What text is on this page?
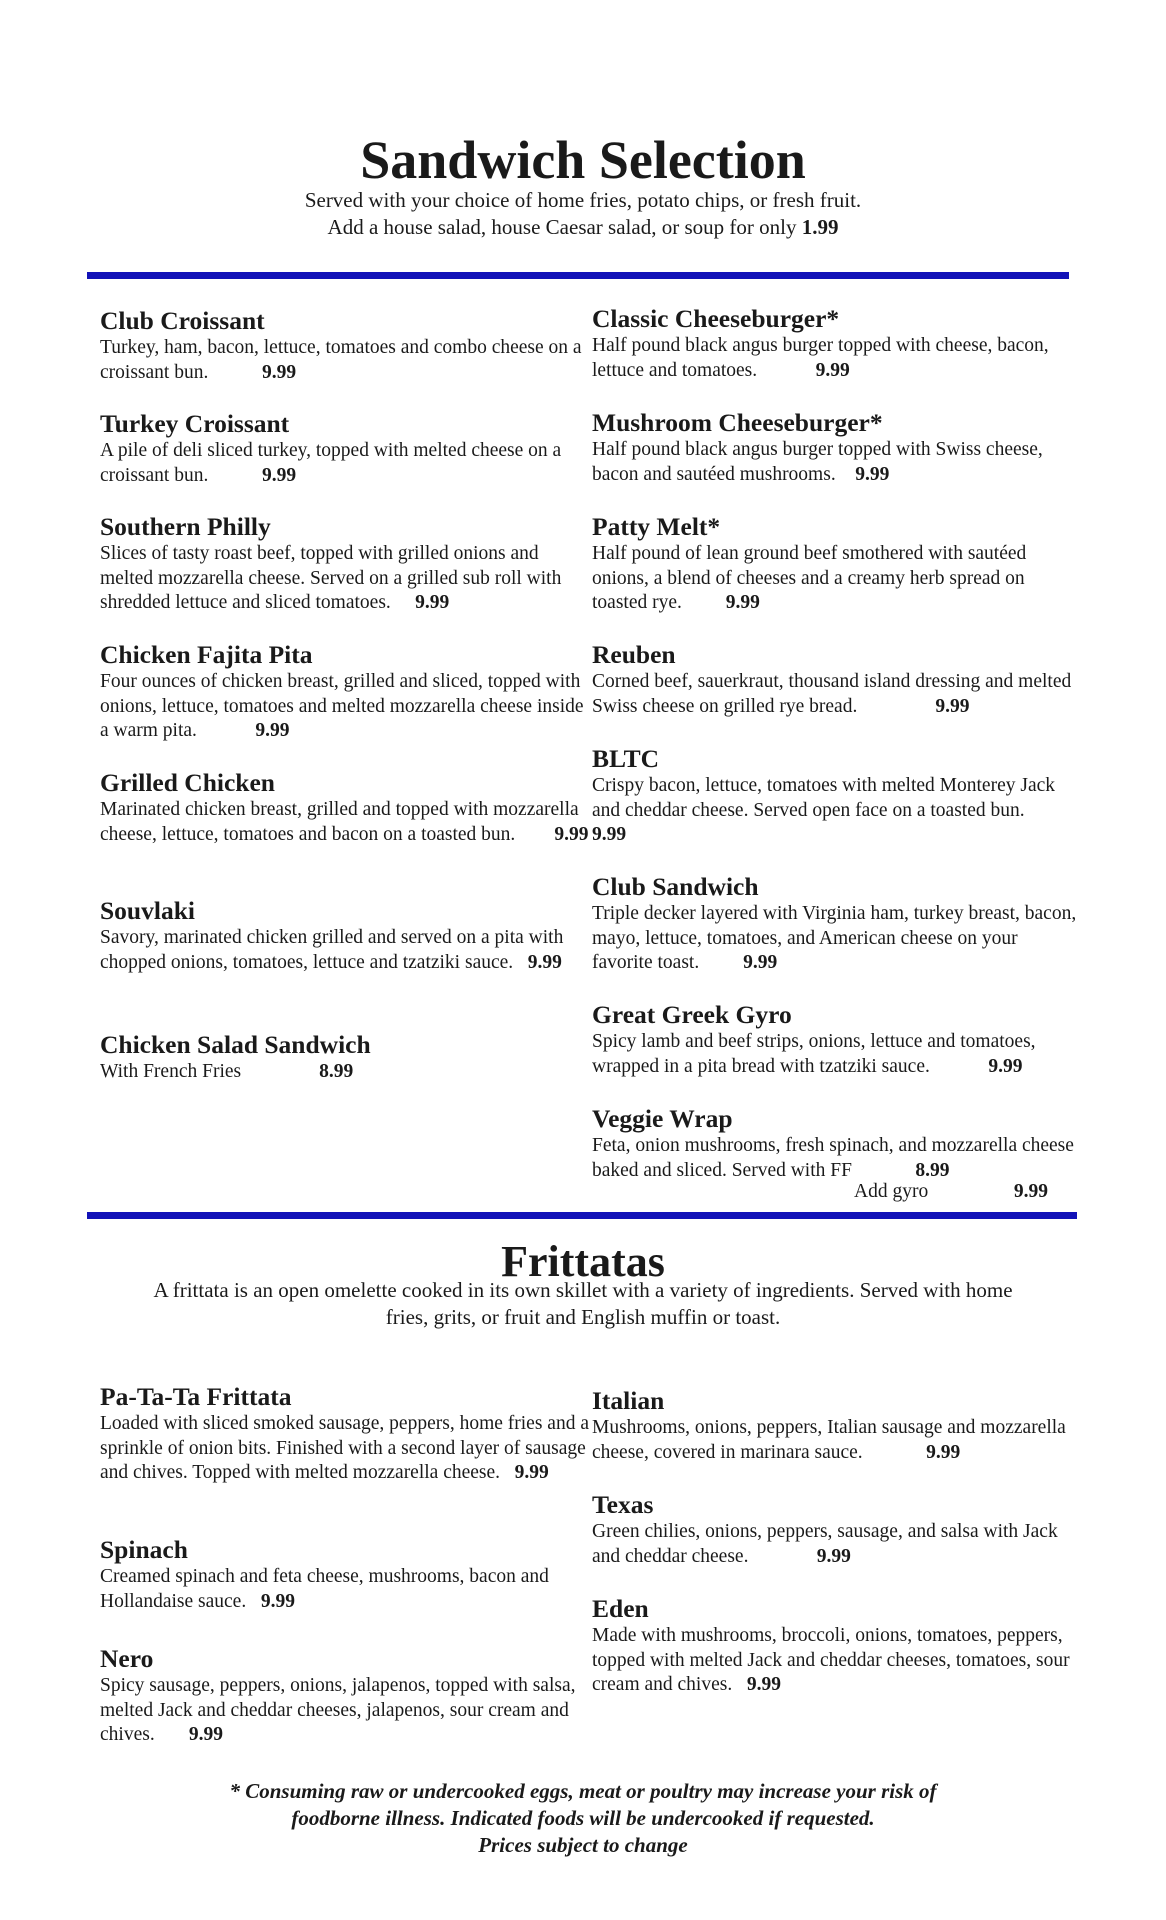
Sandwich Selection

Served with your choice of home fries, potato chips, or fresh fruit.

Add a house salad, house Caesar salad, or soup for only 1.99

Club Croissant

Turkey, ham, bacon, lettuce, tomatoes and combo cheese on a croissant bun.	9.99

Turkey Croissant

A pile of deli sliced turkey, topped with melted cheese on a croissant bun.	9.99

Southern Philly

Slices of tasty roast beef, topped with grilled onions and melted mozzarella cheese. Served on a grilled sub roll with shredded lettuce and sliced tomatoes. 9.99

Chicken Fajita Pita

Four ounces of chicken breast, grilled and sliced, topped with onions, lettuce, tomatoes and melted mozzarella cheese inside a warm pita.	9.99

Grilled Chicken

Marinated chicken breast, grilled and topped with mozzarella cheese, lettuce, tomatoes and bacon on a toasted bun. 9.99

Souvlaki

Savory, marinated chicken grilled and served on a pita with chopped onions, tomatoes, lettuce and tzatziki sauce. 9.99

Chicken Salad Sandwich

With French Fries	8.99

Classic Cheeseburger*

Half pound black angus burger topped with cheese, bacon, lettuce and tomatoes.	9.99

Mushroom Cheeseburger*

Half pound black angus burger topped with Swiss cheese, bacon and sautéed mushrooms. 9.99

Patty Melt*

Half pound of lean ground beef smothered with sautéed onions, a blend of cheeses and a creamy herb spread on toasted rye. 9.99

Reuben

Corned beef, sauerkraut, thousand island dressing and melted Swiss cheese on grilled rye bread.	9.99

BLTC

Crispy bacon, lettuce, tomatoes with melted Monterey Jack and cheddar cheese. Served open face on a toasted bun.       9.99

Club Sandwich

Triple decker layered with Virginia ham, turkey breast, bacon, mayo, lettuce, tomatoes, and American cheese on your favorite toast. 9.99

Great Greek Gyro

Spicy lamb and beef strips, onions, lettuce and tomatoes, wrapped in a pita bread with tzatziki sauce.	9.99

Veggie Wrap

Feta, onion mushrooms, fresh spinach, and mozzarella cheese baked and sliced. Served with FF	8.99

Add gyro	9.99
Frittatas

A frittata is an open omelette cooked in its own skillet with a variety of ingredients. Served with home

fries, grits, or fruit and English muffin or toast.

Pa-Ta-Ta Frittata

Loaded with sliced smoked sausage, peppers, home fries and a sprinkle of onion bits. Finished with a second layer of sausage and chives. Topped with melted mozzarella cheese. 9.99

Spinach

Creamed spinach and feta cheese, mushrooms, bacon and Hollandaise sauce. 9.99

Nero

Spicy sausage, peppers, onions, jalapenos, topped with salsa, melted Jack and cheddar cheeses, jalapenos, sour cream and chives. 9.99

Italian

Mushrooms, onions, peppers, Italian sausage and mozzarella cheese, covered in marinara sauce.	9.99

Texas

Green chilies, onions, peppers, sausage, and salsa with Jack and cheddar cheese.	9.99

Eden

Made with mushrooms, broccoli, onions, tomatoes, peppers, topped with melted Jack and cheddar cheeses, tomatoes, sour cream and chives. 9.99

* Consuming raw or undercooked eggs, meat or poultry may increase your risk of
foodborne illness. Indicated foods will be undercooked if requested.
Prices subject to change
